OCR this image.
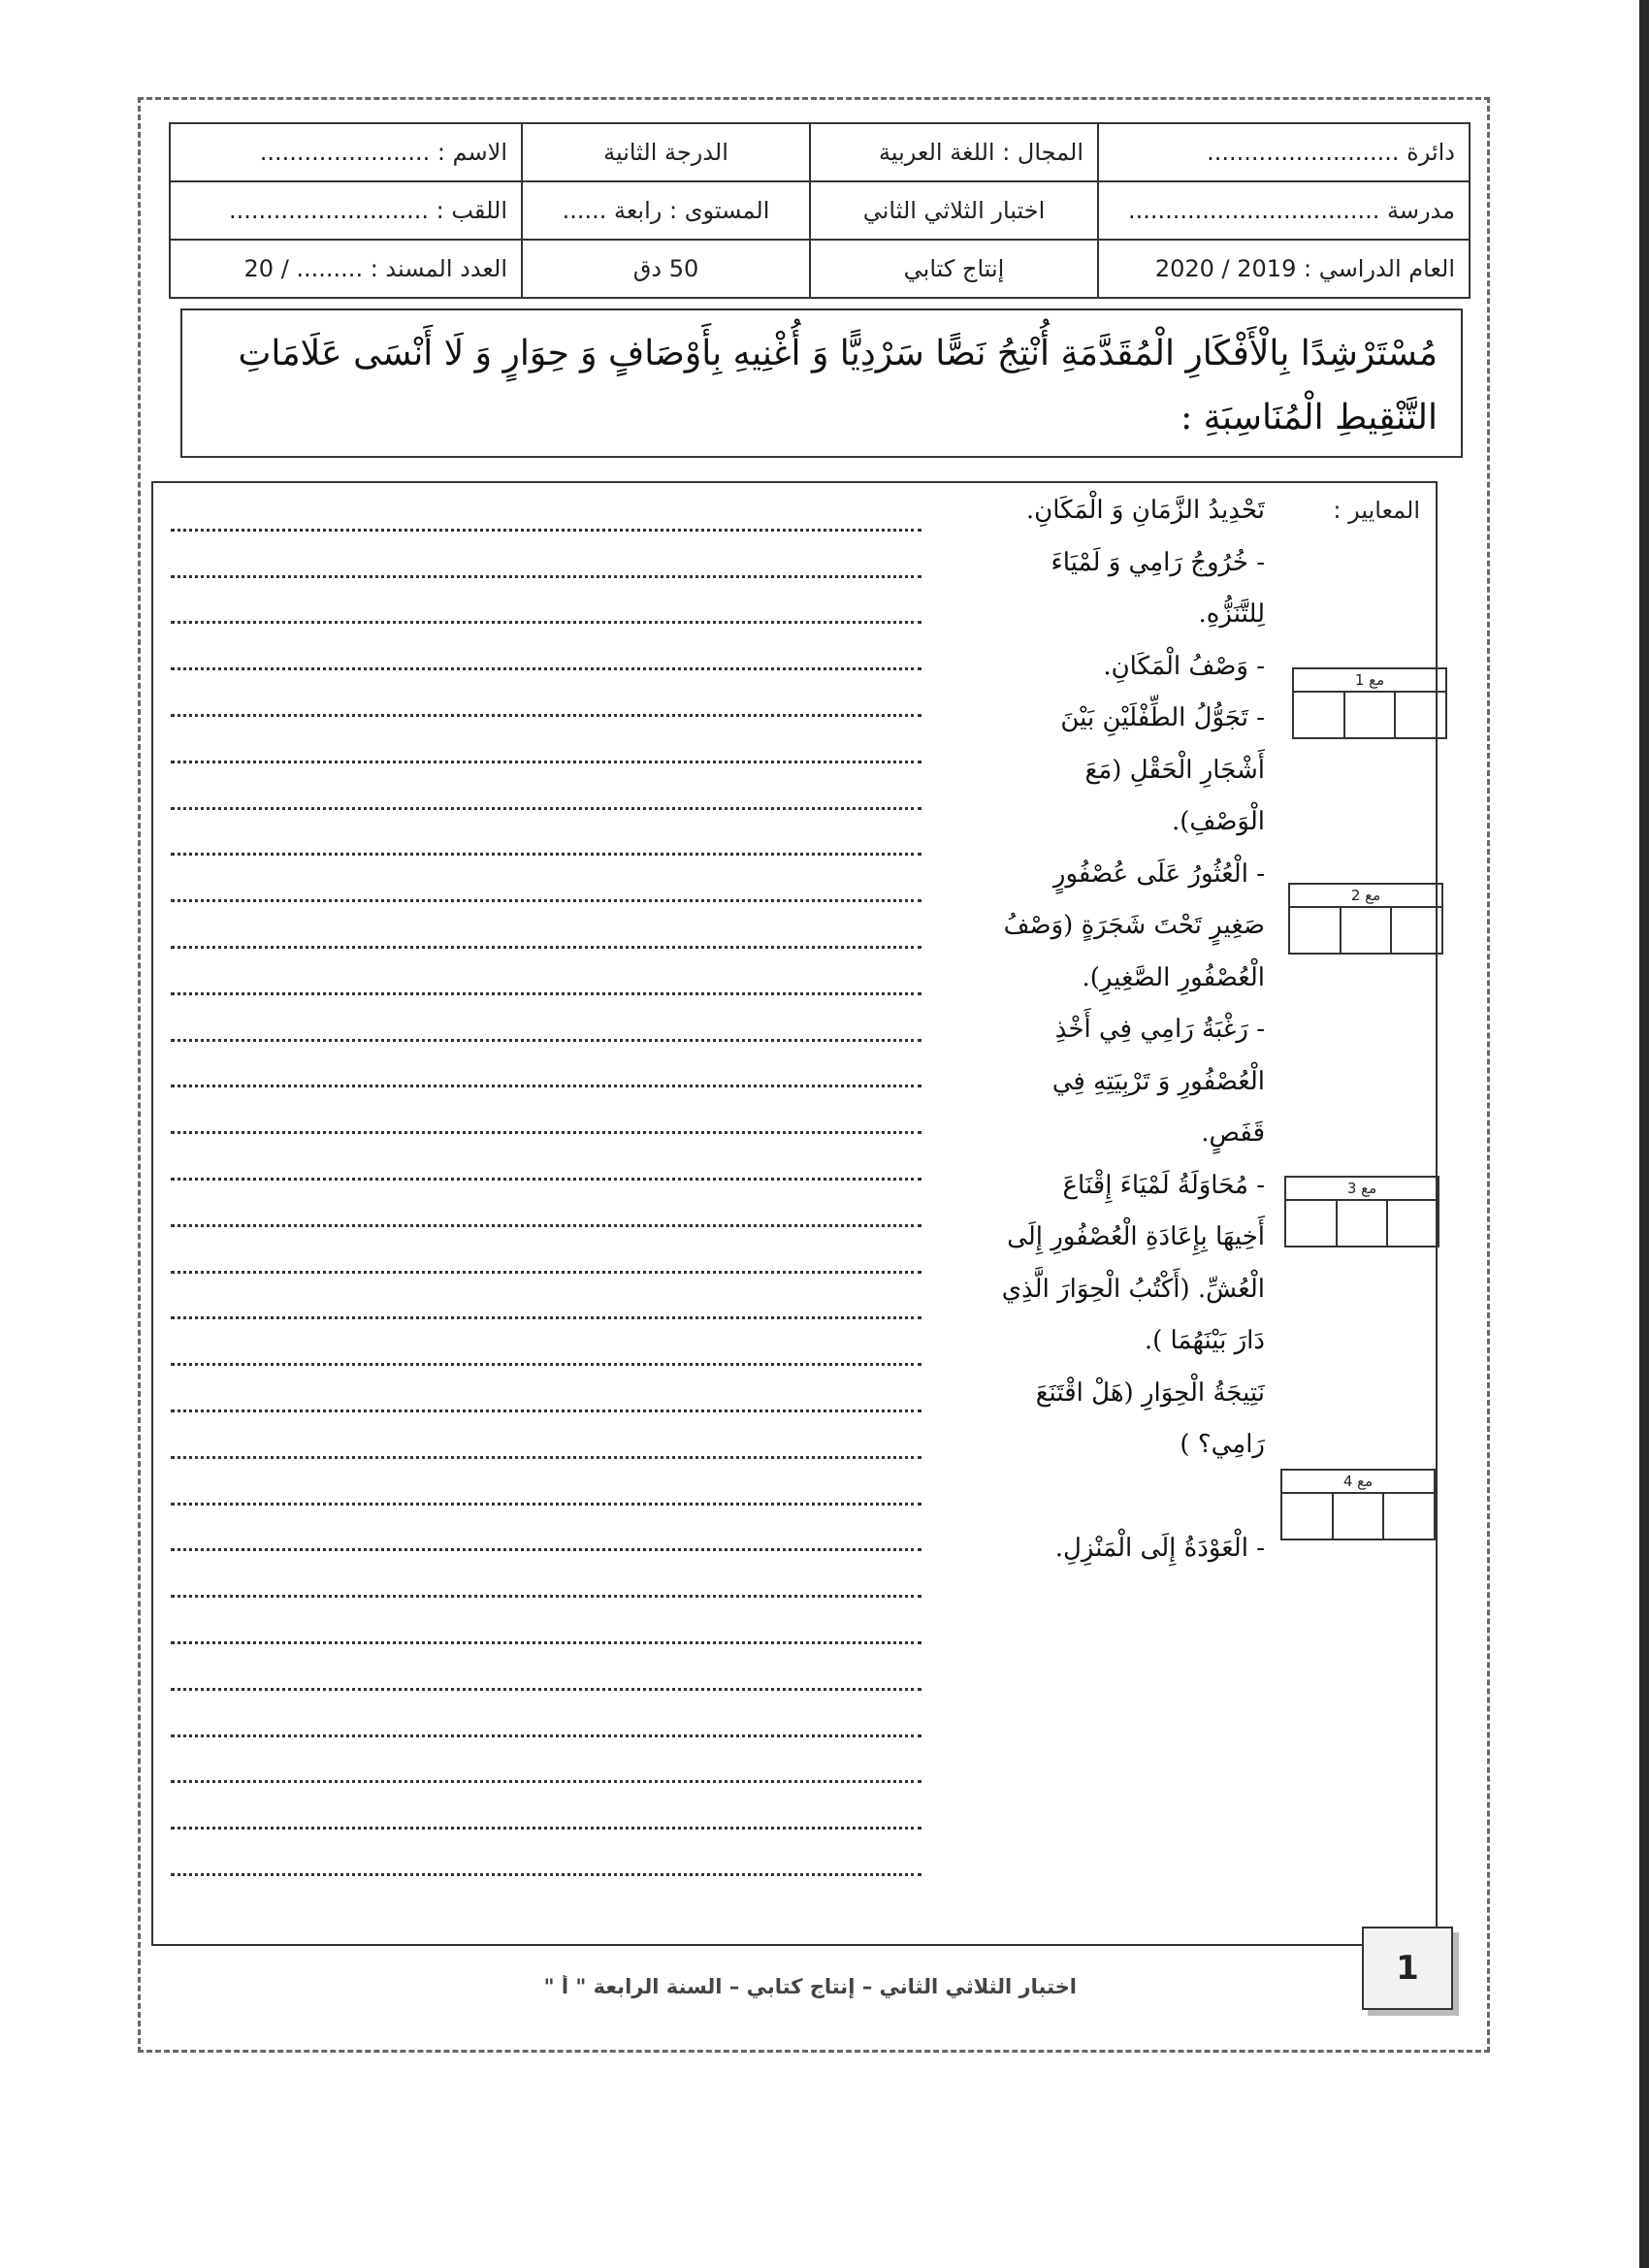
دائرة ..........................	المجال : اللغة العربية	الدرجة الثانية	الاسم : .......................
مدرسة ..................................	اختبار الثلاثي الثاني	المستوى : رابعة ......	اللقب : ...........................
العام الدراسي : 2019 / 2020	إنتاج كتابي	50 دق	العدد المسند : ......... / 20
مُسْتَرْشِدًا بِالْأَفْكَارِ الْمُقَدَّمَةِ أُنْتِجُ نَصًّا سَرْدِيًّا وَ أُغْنِيهِ بِأَوْصَافٍ وَ حِوَارٍ وَ لَا أَنْسَى عَلَامَاتِ التَّنْقِيطِ الْمُنَاسِبَةِ :
المعايير :
تَحْدِيدُ الزَّمَانِ وَ الْمَكَانِ.
- خُرُوجُ رَامِي وَ لَمْيَاءَ
لِلتَّنَزُّهِ.
- وَصْفُ الْمَكَانِ.
- تَجَوُّلُ الطِّفْلَيْنِ بَيْنَ
أَشْجَارِ الْحَقْلِ (مَعَ
الْوَصْفِ).
- الْعُثُورُ عَلَى عُصْفُورٍ
صَغِيرٍ تَحْتَ شَجَرَةٍ (وَصْفُ
الْعُصْفُورِ الصَّغِيرِ).
- رَغْبَةُ رَامِي فِي أَخْذِ
الْعُصْفُورِ وَ تَرْبِيَتِهِ فِي
قَفَصٍ.
- مُحَاوَلَةُ لَمْيَاءَ إِقْنَاعَ
أَخِيهَا بِإِعَادَةِ الْعُصْفُورِ إِلَى
الْعُشِّ. (أَكْتُبُ الْحِوَارَ الَّذِي
دَارَ بَيْنَهُمَا ).
نَتِيجَةُ الْحِوَارِ (هَلْ اقْتَنَعَ
رَامِي؟ )
- الْعَوْدَةُ إِلَى الْمَنْزِلِ.
مع 1
مع 2
مع 3
مع 4
اختبار الثلاثي الثاني – إنتاج كتابي – السنة الرابعة " أ "	1
